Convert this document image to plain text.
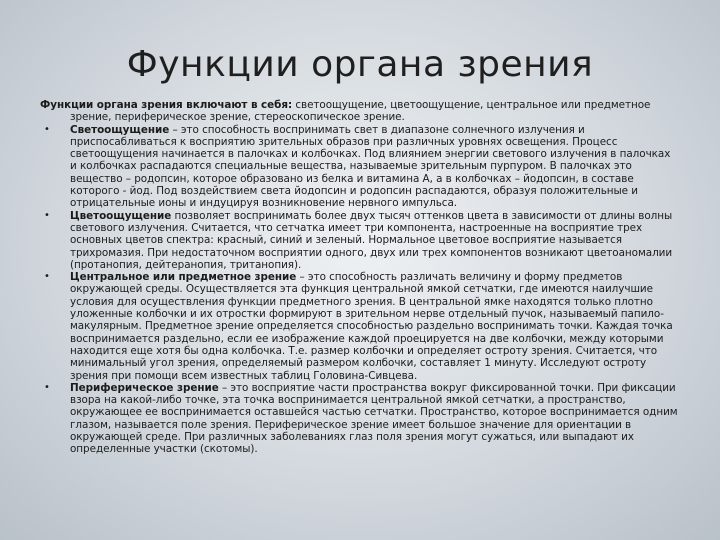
Функции органа зрения

Функции органа зрения включают в себя: светоощущение, цветоощущение, центральное или предметное зрение, периферическое зрение, стереоскопическое зрение.

• Светоощущение – это способность воспринимать свет в диапазоне солнечного излучения и приспосабливаться к восприятию зрительных образов при различных уровнях освещения. Процесс светоощущения начинается в палочках и колбочках. Под влиянием энергии светового излучения в палочках и колбочках распадаются специальные вещества, называемые зрительным пурпуром. В палочках это вещество – родопсин, которое образовано из белка и витамина А, а в колбочках – йодопсин, в составе которого - йод. Под воздействием света йодопсин и родопсин распадаются, образуя положительные и отрицательные ионы и индуцируя возникновение нервного импульса.

• Цветоощущение позволяет воспринимать более двух тысяч оттенков цвета в зависимости от длины волны светового излучения. Считается, что сетчатка имеет три компонента, настроенные на восприятие трех основных цветов спектра: красный, синий и зеленый. Нормальное цветовое восприятие называется трихромазия. При недостаточном восприятии одного, двух или трех компонентов возникают цветоаномалии (протанопия, дейтеранопия, тританопия).

• Центральное или предметное зрение – это способность различать величину и форму предметов окружающей среды. Осуществляется эта функция центральной ямкой сетчатки, где имеются наилучшие условия для осуществления функции предметного зрения. В центральной ямке находятся только плотно уложенные колбочки и их отростки формируют в зрительном нерве отдельный пучок, называемый папило-макулярным. Предметное зрение определяется способностью раздельно воспринимать точки. Каждая точка воспринимается раздельно, если ее изображение каждой проецируется на две колбочки, между которыми находится еще хотя бы одна колбочка. Т.е. размер колбочки и определяет остроту зрения. Считается, что минимальный угол зрения, определяемый размером колбочки, составляет 1 минуту. Исследуют остроту зрения при помощи всем известных таблиц Головина-Сивцева.

• Периферическое зрение – это восприятие части пространства вокруг фиксированной точки. При фиксации взора на какой-либо точке, эта точка воспринимается центральной ямкой сетчатки, а пространство, окружающее ее воспринимается оставшейся частью сетчатки. Пространство, которое воспринимается одним глазом, называется поле зрения. Периферическое зрение имеет большое значение для ориентации в окружающей среде. При различных заболеваниях глаз поля зрения могут сужаться, или выпадают их определенные участки (скотомы).
